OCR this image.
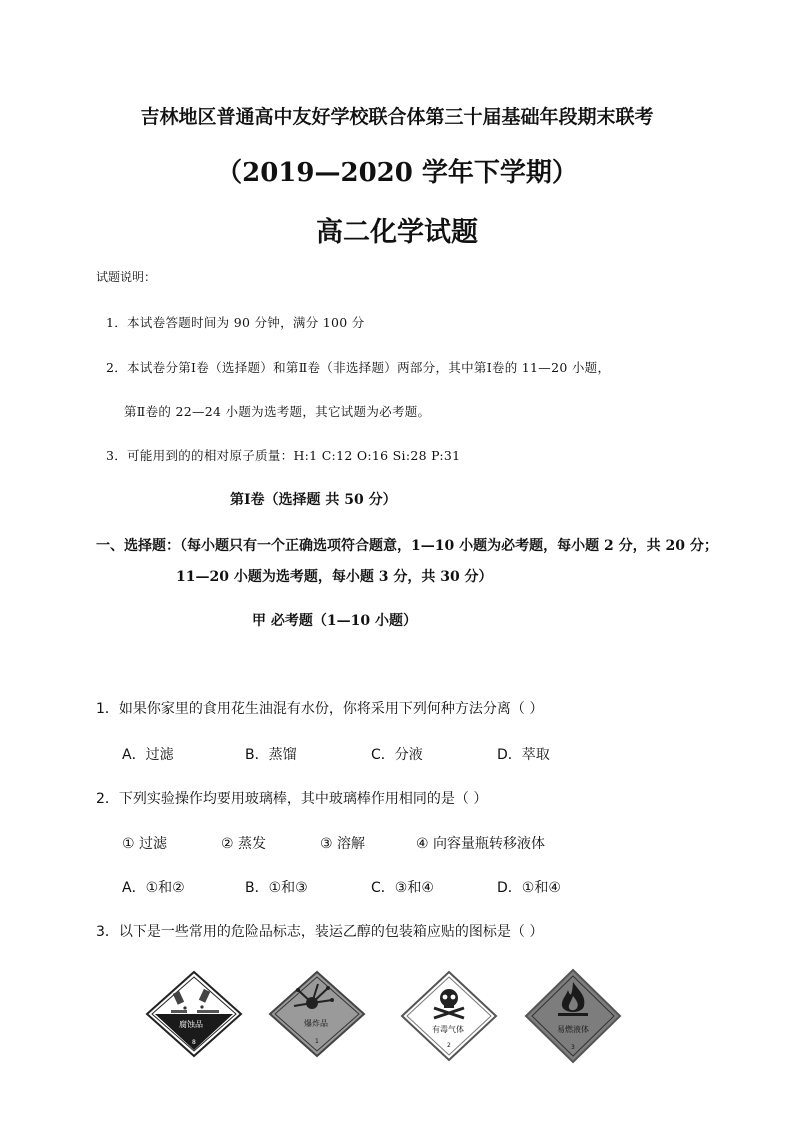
吉林地区普通高中友好学校联合体第三十届基础年段期末联考
（2019—2020 学年下学期）
高二化学试题
试题说明：
1．本试卷答题时间为 90 分钟，满分 100 分
2．本试卷分第Ⅰ卷（选择题）和第Ⅱ卷（非选择题）两部分，其中第Ⅰ卷的 11—20 小题，
第Ⅱ卷的 22—24 小题为选考题，其它试题为必考题。
3．可能用到的的相对原子质量：H:1 C:12 O:16 Si:28 P:31
第Ⅰ卷（选择题 共 50 分）
一、选择题：（每小题只有一个正确选项符合题意，1—10 小题为必考题，每小题 2 分，共 20 分；
11—20 小题为选考题，每小题 3 分，共 30 分）
甲 必考题（1—10 小题）
1．如果你家里的食用花生油混有水份，你将采用下列何种方法分离（ ）
A．过滤	B．蒸馏	C．分液	D．萃取
2．下列实验操作均要用玻璃棒，其中玻璃棒作用相同的是（ ）
① 过滤	② 蒸发	③ 溶解	④ 向容量瓶转移液体
A．①和②	B．①和③	C．③和④	D．①和④
3．以下是一些常用的危险品标志，装运乙醇的包装箱应贴的图标是（ ）
腐蚀品
8
爆炸品
1
有毒气体
2
易燃液体
3
